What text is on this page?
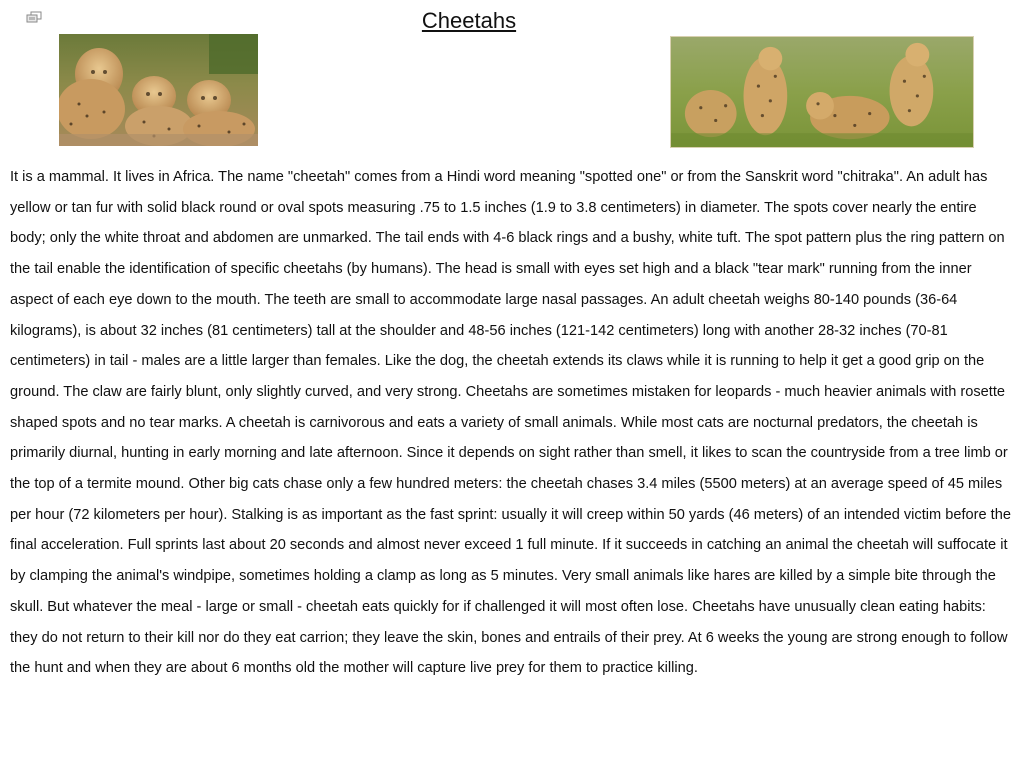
Cheetahs

It is a mammal. It lives in Africa. The name "cheetah" comes from a Hindi word meaning "spotted one" or from the Sanskrit word "chitraka". An adult has yellow or tan fur with solid black round or oval spots measuring .75 to 1.5 inches (1.9 to 3.8 centimeters) in diameter. The spots cover nearly the entire body; only the white throat and abdomen are unmarked. The tail ends with 4-6 black rings and a bushy, white tuft. The spot pattern plus the ring pattern on the tail enable the identification of specific cheetahs (by humans). The head is small with eyes set high and a black "tear mark" running from the inner aspect of each eye down to the mouth. The teeth are small to accommodate large nasal passages. An adult cheetah weighs 80-140 pounds (36-64 kilograms), is about 32 inches (81 centimeters) tall at the shoulder and 48-56 inches (121-142 centimeters) long with another 28-32 inches (70-81 centimeters) in tail - males are a little larger than females. Like the dog, the cheetah extends its claws while it is running to help it get a good grip on the ground. The claw are fairly blunt, only slightly curved, and very strong. Cheetahs are sometimes mistaken for leopards - much heavier animals with rosette shaped spots and no tear marks. A cheetah is carnivorous and eats a variety of small animals. While most cats are nocturnal predators, the cheetah is primarily diurnal, hunting in early morning and late afternoon. Since it depends on sight rather than smell, it likes to scan the countryside from a tree limb or the top of a termite mound. Other big cats chase only a few hundred meters: the cheetah chases 3.4 miles (5500 meters) at an average speed of 45 miles per hour (72 kilometers per hour). Stalking is as important as the fast sprint: usually it will creep within 50 yards (46 meters) of an intended victim before the final acceleration. Full sprints last about 20 seconds and almost never exceed 1 full minute. If it succeeds in catching an animal the cheetah will suffocate it by clamping the animal's windpipe, sometimes holding a clamp as long as 5 minutes. Very small animals like hares are killed by a simple bite through the skull. But whatever the meal - large or small - cheetah eats quickly for if challenged it will most often lose. Cheetahs have unusually clean eating habits: they do not return to their kill nor do they eat carrion; they leave the skin, bones and entrails of their prey. At 6 weeks the young are strong enough to follow the hunt and when they are about 6 months old the mother will capture live prey for them to practice killing.
